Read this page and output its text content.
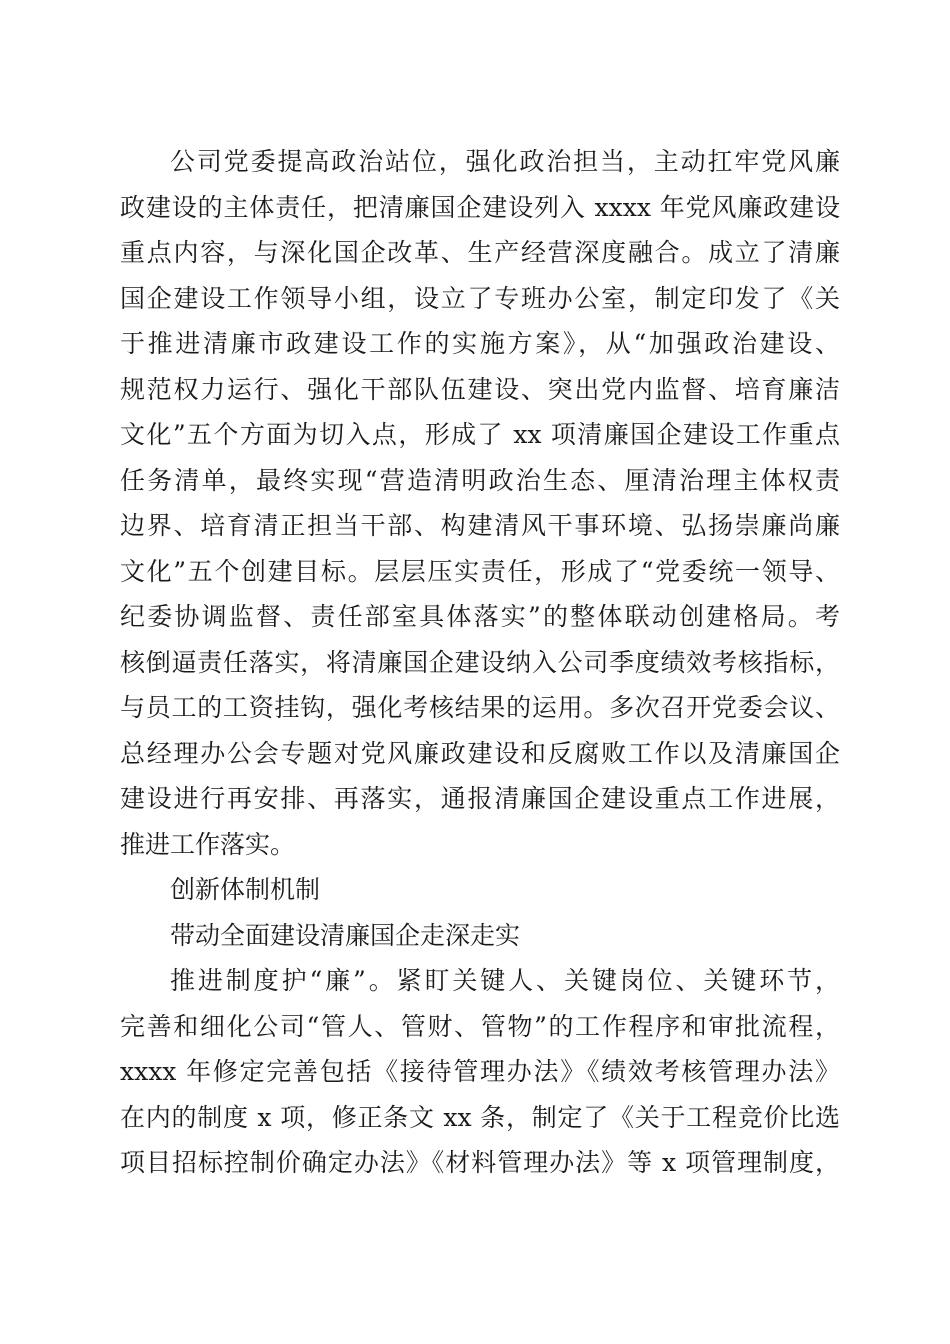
公司党委提高政治站位，强化政治担当，主动扛牢党风廉
政建设的主体责任，把清廉国企建设列入 xxxx 年党风廉政建设
重点内容，与深化国企改革、生产经营深度融合。成立了清廉
国企建设工作领导小组，设立了专班办公室，制定印发了《关
于推进清廉市政建设工作的实施方案》，从“加强政治建设、
规范权力运行、强化干部队伍建设、突出党内监督、培育廉洁
文化”五个方面为切入点，形成了 xx 项清廉国企建设工作重点
任务清单，最终实现“营造清明政治生态、厘清治理主体权责
边界、培育清正担当干部、构建清风干事环境、弘扬崇廉尚廉
文化”五个创建目标。层层压实责任，形成了“党委统一领导、
纪委协调监督、责任部室具体落实”的整体联动创建格局。考
核倒逼责任落实，将清廉国企建设纳入公司季度绩效考核指标，
与员工的工资挂钩，强化考核结果的运用。多次召开党委会议、
总经理办公会专题对党风廉政建设和反腐败工作以及清廉国企
建设进行再安排、再落实，通报清廉国企建设重点工作进展，
推进工作落实。
创新体制机制
带动全面建设清廉国企走深走实
推进制度护“廉”。紧盯关键人、关键岗位、关键环节，
完善和细化公司“管人、管财、管物”的工作程序和审批流程，
xxxx 年修定完善包括《接待管理办法》《绩效考核管理办法》
在内的制度 x 项，修正条文 xx 条，制定了《关于工程竞价比选
项目招标控制价确定办法》《材料管理办法》等 x 项管理制度，
